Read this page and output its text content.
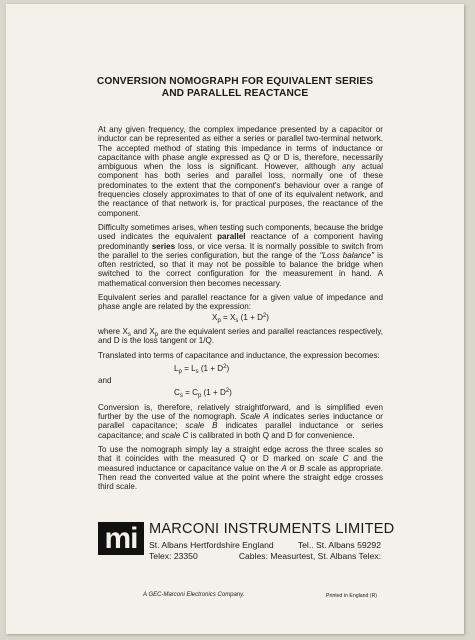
CONVERSION NOMOGRAPH FOR EQUIVALENT SERIES
AND PARALLEL REACTANCE

At any given frequency, the complex impedance presented by a capacitor or inductor can be represented as either a series or parallel two-terminal network. The accepted method of stating this impedance in terms of inductance or capacitance with phase angle expressed as Q or D is, therefore, necessarily ambiguous when the loss is significant. However, although any actual component has both series and parallel loss, normally one of these predominates to the extent that the component's behaviour over a range of frequencies closely approximates to that of one of its equivalent network, and the reactance of that network is, for practical purposes, the reactance of the component.

Difficulty sometimes arises, when testing such components, because the bridge used indicates the equivalent parallel reactance of a component having predominantly series loss, or vice versa. It is normally possible to switch from the parallel to the series configuration, but the range of the "Loss balance" is often restricted, so that it may not be possible to balance the bridge when switched to the correct configuration for the measurement in hand. A mathematical conversion then becomes necessary.

Equivalent series and parallel reactance for a given value of impedance and phase angle are related by the expression:

$X_p = X_s$ $(1 + D^2)$

where $X_s$ and $X_p$ are the equivalent series and parallel reactances respectively, and D is the loss tangent or 1/Q.

Translated into terms of capacitance and inductance, the expression becomes:

$L_p = L_s$ $(1 + D^2)$
and
$C_s = C_p$ $(1 + D^2)$

Conversion is, therefore, relatively straightforward, and is simplified even further by the use of the nomograph. Scale A indicates series inductance or parallel capacitance; scale B indicates parallel inductance or series capacitance; and scale C is calibrated in both Q and D for convenience.

To use the nomograph simply lay a straight edge across the three scales so that it coincides with the measured Q or D marked on scale C and the measured inductance or capacitance value on the A or B scale as appropriate. Then read the converted value at the point where the straight edge crosses third scale.

mi MARCONI INSTRUMENTS LIMITED
St. Albans Hertfordshire England	Tel.. St. Albans 59292
Telex: 23350	Cables: Measurtest, St. Albans Telex:
A GEC-Marconi Electronics Company.	Printed in England (R)
